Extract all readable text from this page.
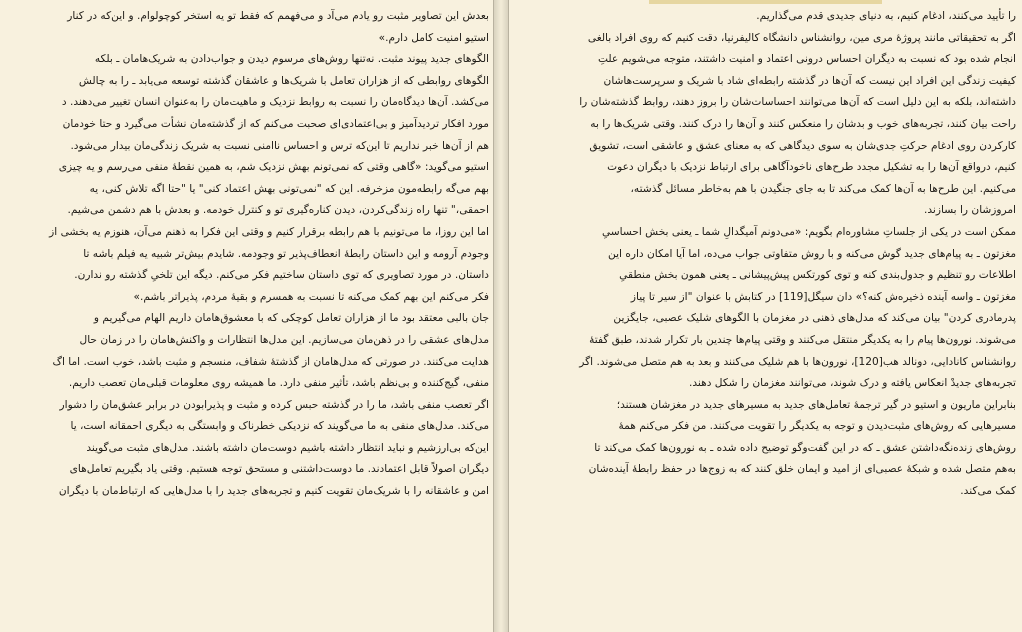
بعد‌ش این تصاویر مثبت رو یادم می‌آد و می‌فهمم که فقط تو یه استخر کوچولوام. و این‌که در کنار
استیو امنیت کامل دارم.»
الگوهای جدید پیوند مثبت. نه‌تنها روش‌های مرسوم دیدن و جواب‌دادن به شریک‌هامان ـ بلکه
الگوهای روابطی که از هزاران تعامل با شریک‌ها و عاشقان گذشته توسعه می‌یابد ـ را به چالش
می‌کشد. آن‌ها دیدگاه‌مان را نسبت به روابط نزدیک و ماهیت‌مان را به‌عنوان انسان تغییر می‌دهند. د
مورد افکار تردیدآمیز و بی‌اعتمادی‌ای صحبت می‌کنم که از گذشته‌مان نشأت می‌گیرد و حتا خودمان
هم از آن‌ها خبر نداریم تا این‌که ترس و احساس ناامنی نسبت به شریک زندگی‌مان بیدار می‌شود.
استیو می‌گوید: «گاهی وقتی که نمی‌تونم بهش نزدیک شم، به همین نقطهٔ منفی می‌رسم و یه چیزی
بهم می‌گه رابطه‌مون مزخرفه. این که "نمی‌تونی بهش اعتماد کنی" یا "حتا اگه تلاش کنی، یه
احمقی،" تنها راه زندگی‌کردن، دیدن کناره‌گیری تو و کنترل خودمه. و بعدش با هم دشمن می‌شیم.
اما این روزا، ما می‌تونیم با هم رابطه برقرار کنیم و وقتی این فکرا به ذهنم می‌آن، هنوزم یه بخشی از
وجودم آرومه و این داستان رابطهٔ انعطاف‌پذیر تو وجودمه. شایدم بیش‌تر شبیه یه فیلم باشه تا
داستان. در مورد تصاویری که توی داستان ساختیم فکر می‌کنم. دیگه این تلخیِ گذشته رو ندارن.
فکر می‌کنم این بهم کمک می‌کنه تا نسبت به همسرم و بقیهٔ مردم، پذیراتر باشم.»
جان بالبی معتقد بود ما از هزاران تعامل کوچکی که با معشوق‌هامان داریم الهام می‌گیریم و
مدل‌های عشقی را در ذهن‌مان می‌سازیم. این مدل‌ها انتظارات و واکنش‌هامان را در زمان حال
هدایت می‌کنند. در صورتی که مدل‌هامان از گذشتهٔ شفاف، منسجم و مثبت باشد، خوب است. اما اگ
منفی، گیج‌کننده و بی‌نظم باشد، تأثیر منفی دارد. ما همیشه روی معلومات قبلی‌مان تعصب داریم.
اگر تعصب منفی باشد، ما را در گذشته حبس کرده و مثبت و پذیرابودن در برابر عشق‌مان را دشوار
می‌کند. مدل‌های منفی به ما می‌گویند که نزدیکی خطرناک و وابستگی به دیگری احمقانه است، یا
این‌که بی‌ارزشیم و نباید انتظار داشته باشیم دوست‌مان داشته باشند. مدل‌های مثبت می‌گویند
دیگران اصولاً قابل اعتمادند. ما دوست‌داشتنی و مستحق توجه هستیم. وقتی یاد بگیریم تعامل‌های
امن و عاشقانه را با شریک‌مان تقویت کنیم و تجربه‌های جدید را با مدل‌هایی که ارتباط‌مان با دیگران
را تأیید می‌کنند، ادغام کنیم، به دنیای جدیدی قدم می‌گذاریم.
اگر به تحقیقاتی مانند پروژهٔ مری مین، روانشناس دانشگاه کالیفرنیا، دقت کنیم که روی افراد بالغی
انجام شده بود که نسبت به دیگران احساس درونی اعتماد و امنیت داشتند، متوجه می‌شویم علتِ
کیفیت زندگی این افراد این نیست که آن‌ها در گذشته رابطه‌ای شاد با شریک و سرپرست‌هاشان
داشته‌اند، بلکه به این دلیل است که آن‌ها می‌توانند احساسات‌شان را بروز دهند، روابط گذشته‌شان را
راحت بیان کنند، تجربه‌های خوب و بدشان را منعکس کنند و آن‌ها را درک کنند. وقتی شریک‌ها را به
کارکردن روی ادغام حرکتِ جدی‌شان به سوی دیدگاهی که به معنای عشق و عاشقی است، تشویق
کنیم، درواقع آن‌ها را به تشکیل مجدد طرح‌های ناخودآگاهی برای ارتباط نزدیک با دیگران دعوت
می‌کنیم. این طرح‌ها به آن‌ها کمک می‌کند تا به جای جنگیدن با هم به‌خاطر مسائل گذشته،
امروزشان را بسازند.
ممکن است در یکی از جلساتِ مشاوره‌ام بگویم: «می‌دونم آمیگدالِ شما ـ یعنی بخش احساسیِ
مغزتون ـ به پیام‌های جدید گوش می‌کنه و با روش متفاوتی جواب می‌ده، اما آیا امکان داره این
اطلاعات رو تنظیم و جدول‌بندی کنه و توی کورتکس پیش‌پیشانی ـ یعنی همون بخش منطقیِ
مغزتون ـ واسه آینده ذخیره‌ش کنه؟» دان سیگل[119] در کتابش با عنوان "از سیر تا پیاز
پدرمادری کردن" بیان می‌کند که مدل‌های ذهنی در مغزمان با الگوهای شلیک عصبی، جایگزین
می‌شوند. نورون‌ها پیام را به یکدیگر منتقل می‌کنند و وقتی پیام‌ها چندین بار تکرار شدند، طبق گفتهٔ
روانشناس کانادایی، دونالد هب[120]، نورون‌ها با هم شلیک می‌کنند و بعد به هم متصل می‌شوند. اگر
تجربه‌های جدیدْ انعکاس یافته و درک شوند، می‌توانند مغزمان را شکل دهند.
بنابراین ماریون و استیو در گیر ترجمهٔ تعامل‌های جدید به مسیرهای جدید در مغزشان هستند؛
مسیرهایی که روش‌های مثبت‌دیدن و توجه به یکدیگر را تقویت می‌کنند. من فکر می‌کنم همهٔ
روش‌های زنده‌نگه‌داشتن عشق ـ که در این گفت‌وگو توضیح داده شده ـ به نورون‌ها کمک می‌کند تا
به‌هم متصل شده و شبکهٔ عصبی‌ای از امید و ایمان خلق کنند که به زوج‌ها در حفظ رابطهٔ آینده‌شان
کمک می‌کند.
